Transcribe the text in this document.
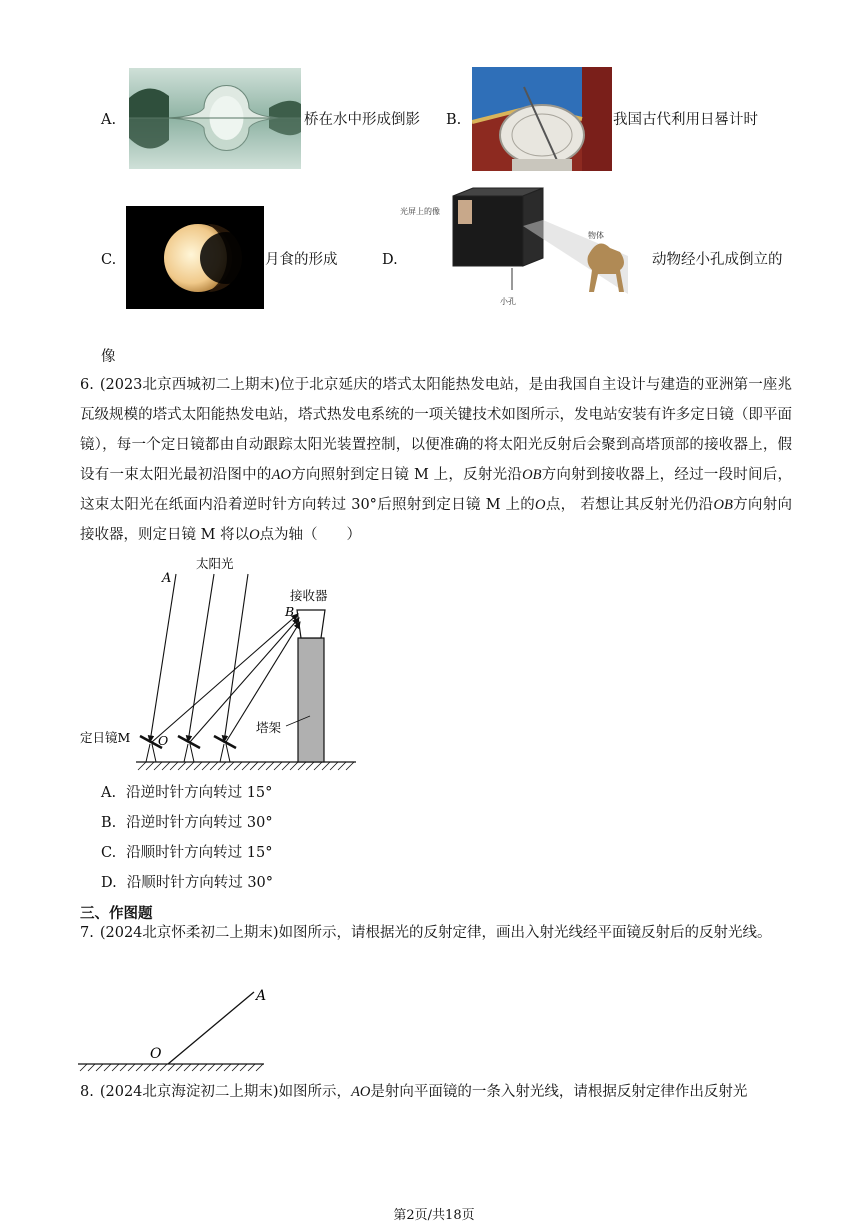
A.	桥在水中形成倒影 B.	我国古代利用日晷计时
C.	月食的形成	D.
光屏上的像
小孔
物体
动物经小孔成倒立的
像
6. (2023北京西城初二上期末)位于北京延庆的塔式太阳能热发电站，是由我国自主设计与建造的亚洲第一座兆瓦级规模的塔式太阳能热发电站，塔式热发电系统的一项关键技术如图所示，发电站安装有许多定日镜（即平面镜），每一个定日镜都由自动跟踪太阳光装置控制，以便准确的将太阳光反射后会聚到高塔顶部的接收器上，假设有一束太阳光最初沿图中的AO方向照射到定日镜 M 上，反射光沿OB方向射到接收器上，经过一段时间后，这束太阳光在纸面内沿着逆时针方向转过 30°后照射到定日镜 M 上的O点， 若想让其反射光仍沿OB方向射向接收器，则定日镜 M 将以O点为轴（　　）
A
太阳光
接收器
B
塔架
定日镜M O
A. 沿逆时针方向转过 15°
B. 沿逆时针方向转过 30°
C. 沿顺时针方向转过 15°
D. 沿顺时针方向转过 30°
三、作图题
7. (2024北京怀柔初二上期末)如图所示，请根据光的反射定律，画出入射光线经平面镜反射后的反射光线。
A
O
8. (2024北京海淀初二上期末)如图所示，AO是射向平面镜的一条入射光线，请根据反射定律作出反射光
第2页/共18页
